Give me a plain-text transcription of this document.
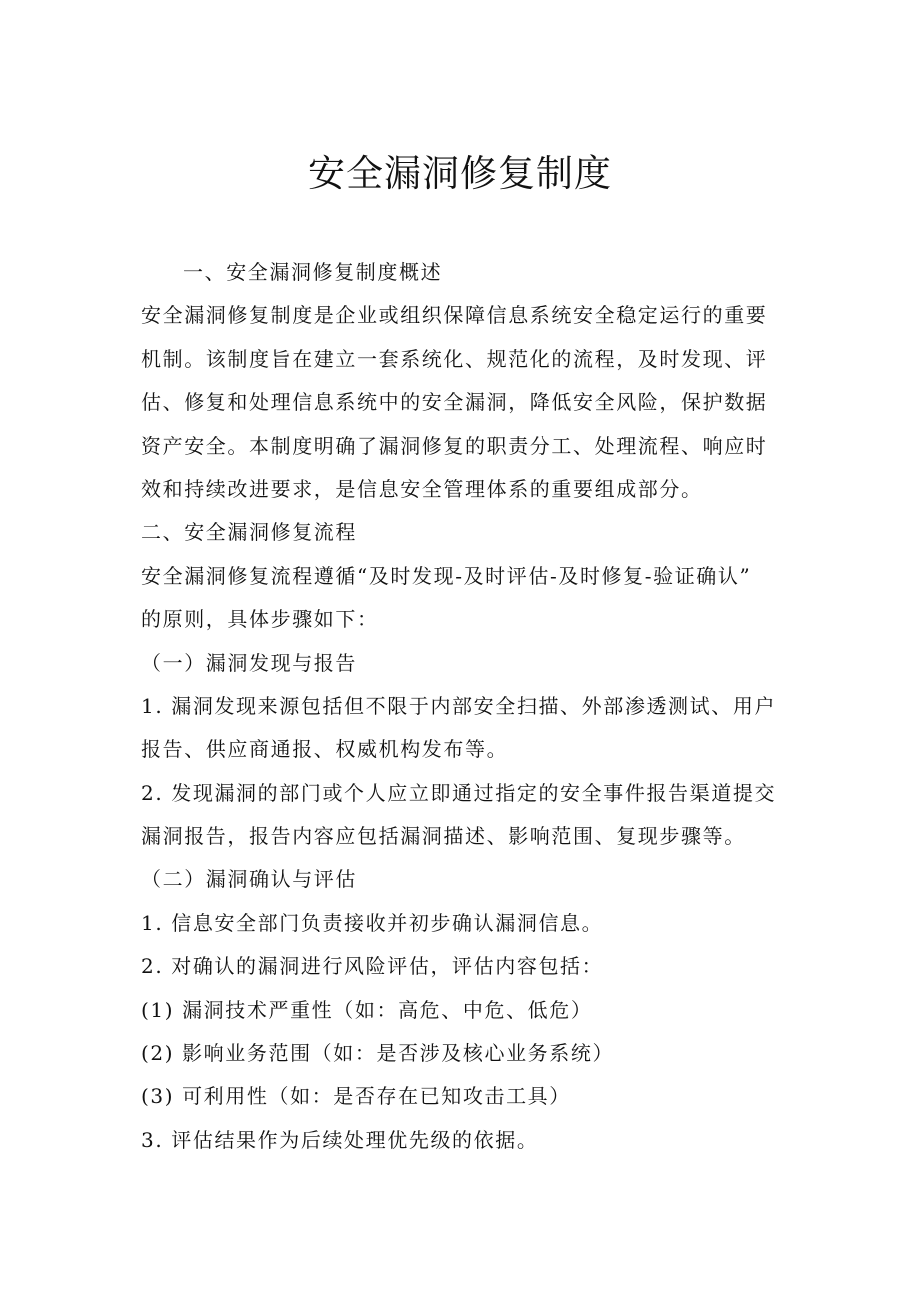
安全漏洞修复制度
一、安全漏洞修复制度概述
安全漏洞修复制度是企业或组织保障信息系统安全稳定运行的重要
机制。该制度旨在建立一套系统化、规范化的流程，及时发现、评
估、修复和处理信息系统中的安全漏洞，降低安全风险，保护数据
资产安全。本制度明确了漏洞修复的职责分工、处理流程、响应时
效和持续改进要求，是信息安全管理体系的重要组成部分。
二、安全漏洞修复流程
安全漏洞修复流程遵循“及时发现-及时评估-及时修复-验证确认”
的原则，具体步骤如下：
（一）漏洞发现与报告
1. 漏洞发现来源包括但不限于内部安全扫描、外部渗透测试、用户
报告、供应商通报、权威机构发布等。
2. 发现漏洞的部门或个人应立即通过指定的安全事件报告渠道提交
漏洞报告，报告内容应包括漏洞描述、影响范围、复现步骤等。
（二）漏洞确认与评估
1. 信息安全部门负责接收并初步确认漏洞信息。
2. 对确认的漏洞进行风险评估，评估内容包括：
(1) 漏洞技术严重性（如：高危、中危、低危）
(2) 影响业务范围（如：是否涉及核心业务系统）
(3) 可利用性（如：是否存在已知攻击工具）
3. 评估结果作为后续处理优先级的依据。
